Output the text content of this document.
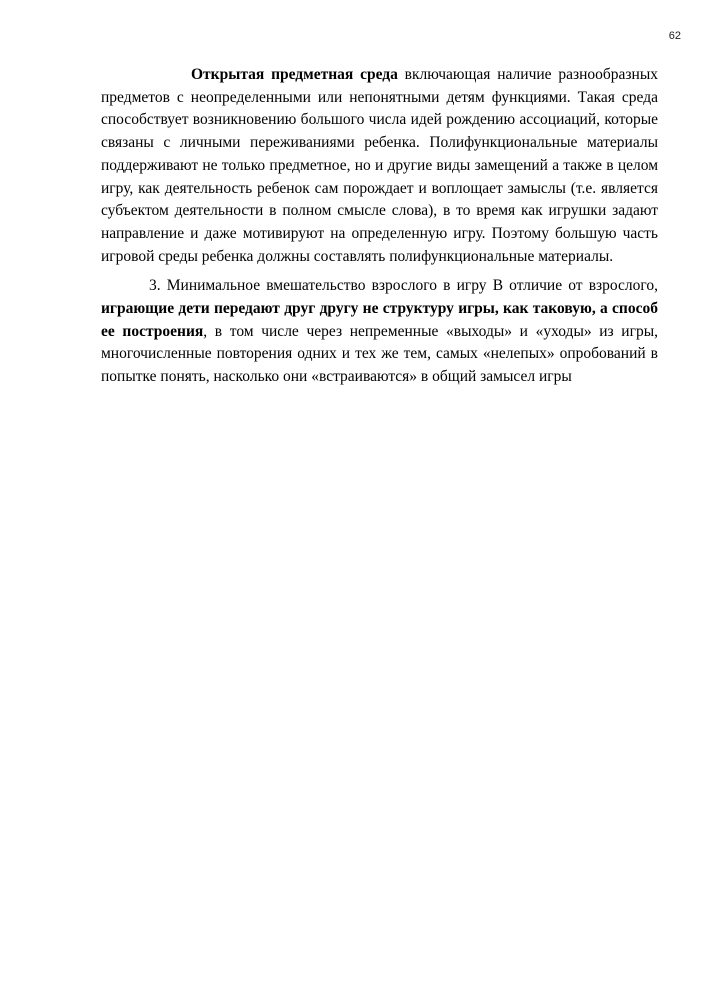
62

Открытая предметная среда включающая наличие разнообразных предметов с неопределенными или непонятными детям функциями. Такая среда способствует возникновению большого числа идей рождению ассоциаций, которые связаны с личными переживаниями ребенка. Полифункциональные материалы поддерживают не только предметное, но и другие виды замещений а также в целом игру, как деятельность ребенок сам порождает и воплощает замыслы (т.е. является субъектом деятельности в полном смысле слова), в то время как игрушки задают направление и даже мотивируют на определенную игру. Поэтому большую часть игровой среды ребенка должны составлять полифункциональные материалы.

3. Минимальное вмешательство взрослого в игру В отличие от взрослого, играющие дети передают друг другу не структуру игры, как таковую, а способ ее построения, в том числе через непременные «выходы» и «уходы» из игры, многочисленные повторения одних и тех же тем, самых «нелепых» опробований в попытке понять, насколько они «встраиваются» в общий замысел игры
